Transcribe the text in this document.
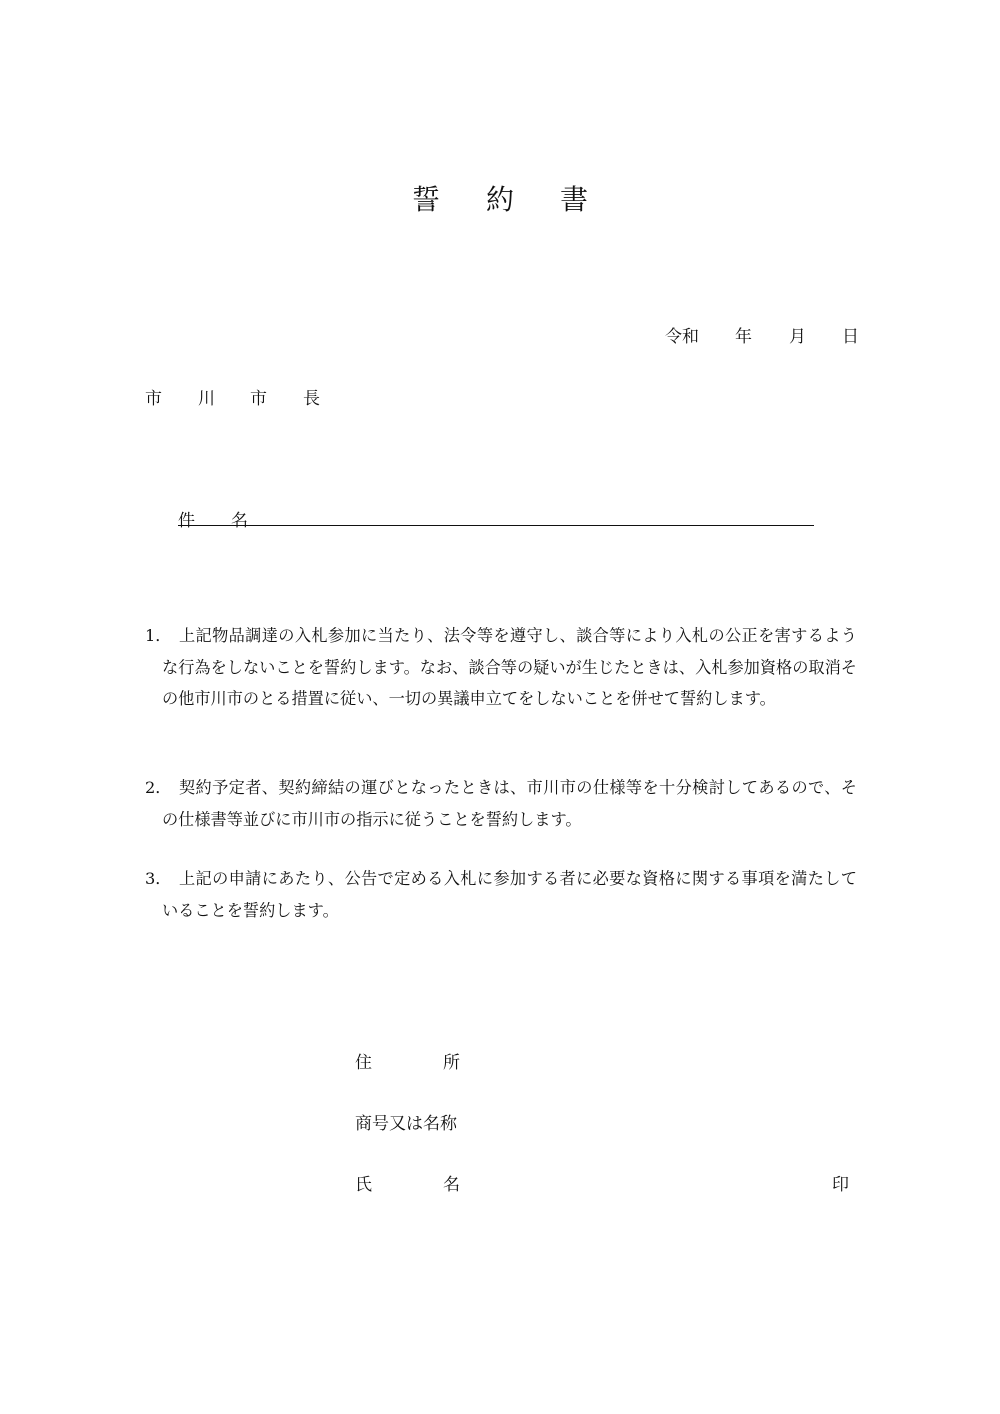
誓約書
令和 年 月 日
市 川 市 長
件 名
1． 上記物品調達の入札参加に当たり、法令等を遵守し、談合等により入札の公正を害するような行為をしないことを誓約します。なお、談合等の疑いが生じたときは、入札参加資格の取消その他市川市のとる措置に従い、一切の異議申立てをしないことを併せて誓約します。
2． 契約予定者、契約締結の運びとなったときは、市川市の仕様等を十分検討してあるので、その仕様書等並びに市川市の指示に従うことを誓約します。
3． 上記の申請にあたり、公告で定める入札に参加する者に必要な資格に関する事項を満たしていることを誓約します。
住	所
商号又は名称
氏	名	印
